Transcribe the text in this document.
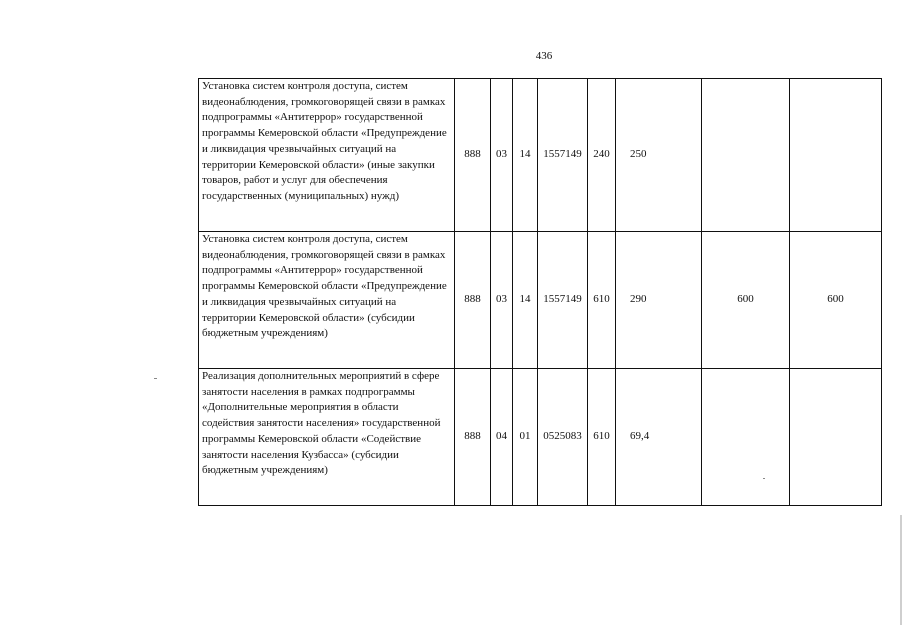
436
Установка систем контроля доступа, систем видеонаблюдения, громкоговорящей связи в рамках подпрограммы «Антитеррор» государственной программы Кемеровской области «Предупреждение и ликвидация чрезвычайных ситуаций на территории Кемеровской области» (иные закупки товаров, работ и услуг для обеспечения государственных (муниципальных) нужд)	888	03	14	1557149	240	250		
Установка систем контроля доступа, систем видеонаблюдения, громкоговорящей связи в рамках подпрограммы «Антитеррор» государственной программы Кемеровской области «Предупреждение и ликвидация чрезвычайных ситуаций на территории Кемеровской области» (субсидии бюджетным учреждениям)	888	03	14	1557149	610	290	600	600
Реализация дополнительных мероприятий в сфере занятости населения в рамках подпрограммы «Дополнительные мероприятия в области содействия занятости населения» государственной программы Кемеровской области «Содействие занятости населения Кузбасса» (субсидии бюджетным учреждениям)	888	04	01	0525083	610	69,4		
